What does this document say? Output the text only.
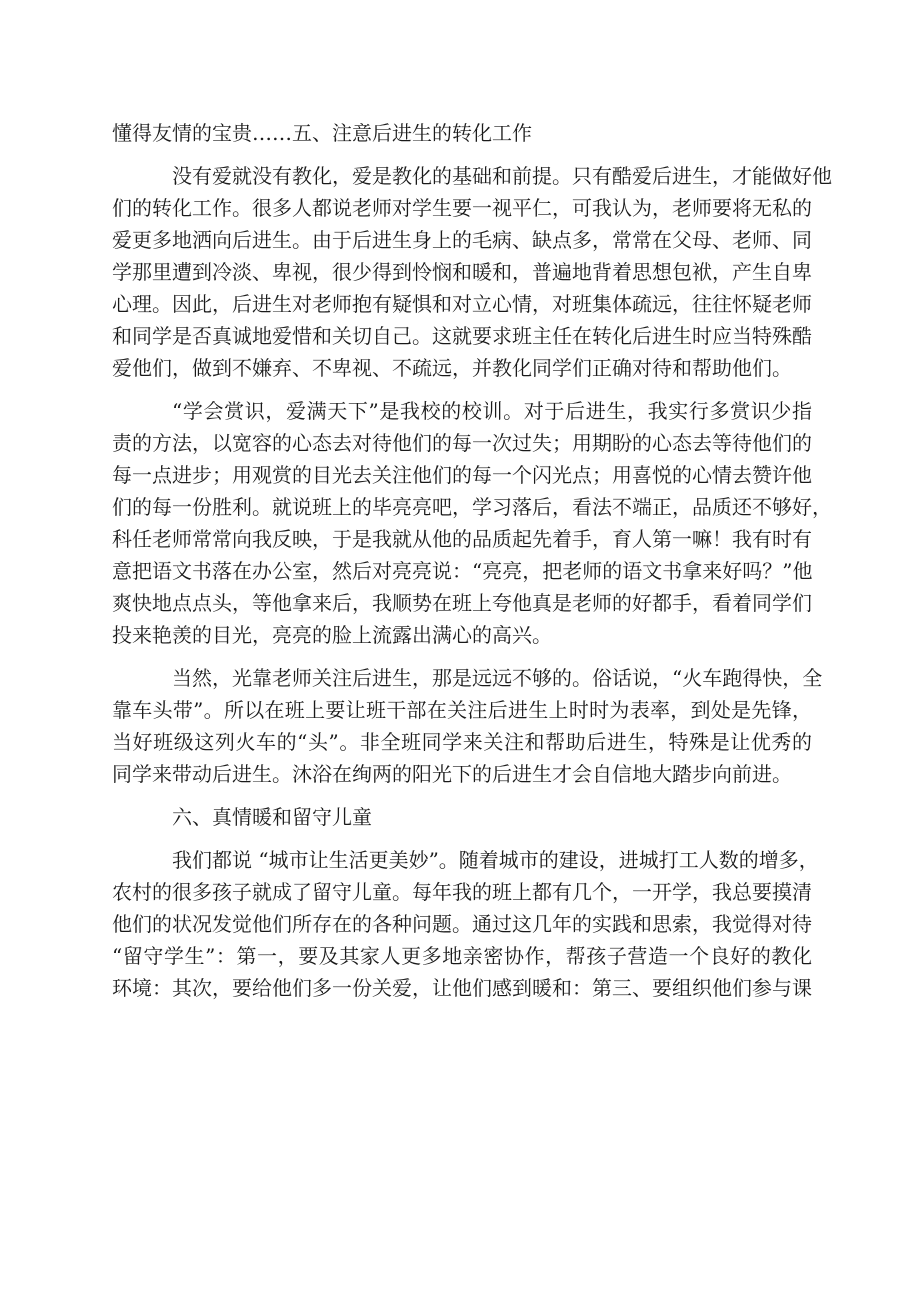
懂得友情的宝贵……五、注意后进生的转化工作

没有爱就没有教化，爱是教化的基础和前提。只有酷爱后进生，才能做好他

们的转化工作。很多人都说老师对学生要一视平仁，可我认为，老师要将无私的

爱更多地洒向后进生。由于后进生身上的毛病、缺点多，常常在父母、老师、同

学那里遭到冷淡、卑视，很少得到怜悯和暖和，普遍地背着思想包袱，产生自卑

心理。因此，后进生对老师抱有疑惧和对立心情，对班集体疏远，往往怀疑老师

和同学是否真诚地爱惜和关切自己。这就要求班主任在转化后进生时应当特殊酷

爱他们，做到不嫌弃、不卑视、不疏远，并教化同学们正确对待和帮助他们。

“学会赏识，爱满天下”是我校的校训。对于后进生，我实行多赏识少指

责的方法，以宽容的心态去对待他们的每一次过失；用期盼的心态去等待他们的

每一点进步；用观赏的目光去关注他们的每一个闪光点；用喜悦的心情去赞许他

们的每一份胜利。就说班上的毕亮亮吧，学习落后，看法不端正，品质还不够好，

科任老师常常向我反映，于是我就从他的品质起先着手，育人第一嘛！我有时有

意把语文书落在办公室，然后对亮亮说：“亮亮，把老师的语文书拿来好吗？”他

爽快地点点头，等他拿来后，我顺势在班上夸他真是老师的好都手，看着同学们

投来艳羡的目光，亮亮的脸上流露出满心的高兴。

当然，光靠老师关注后进生，那是远远不够的。俗话说，“火车跑得快，全

靠车头带”。所以在班上要让班干部在关注后进生上时时为表率，到处是先锋，

当好班级这列火车的“头”。非全班同学来关注和帮助后进生，特殊是让优秀的

同学来带动后进生。沐浴在绚两的阳光下的后进生才会自信地大踏步向前进。

六、真情暖和留守儿童

我们都说 “城市让生活更美妙”。随着城市的建设，进城打工人数的增多，

农村的很多孩子就成了留守儿童。每年我的班上都有几个，一开学，我总要摸清

他们的状况发觉他们所存在的各种问题。通过这几年的实践和思索，我觉得对待

“留守学生”：第一，要及其家人更多地亲密协作，帮孩子营造一个良好的教化

环境：其次，要给他们多一份关爱，让他们感到暖和：第三、要组织他们参与课
